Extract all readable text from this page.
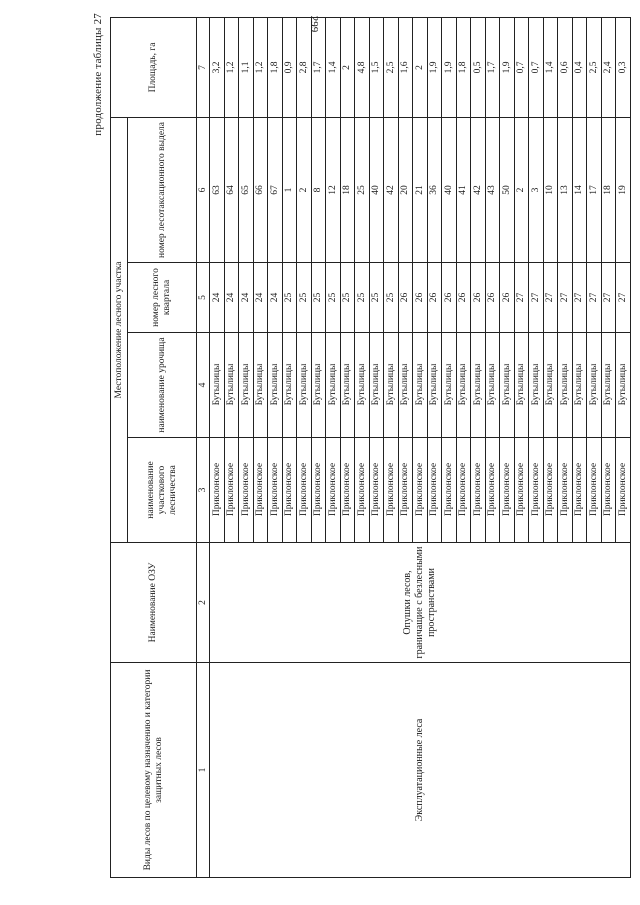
299
продолжение таблицы 27
Виды лесов по целевому назначению и категории защитных лесов	Наименование ОЗУ	Местоположение лесного участка				Площадь, га
		наименование участкового лесничества	наименование урочища	номер лесного квартала	номер лесотаксационного выдела	
1	2	3	4	5	6	7
Эксплуатационные леса	Опушки лесов, граничащие с безлесными пространствами	Приклонское	Бутылицы	24	63	3,2
		Приклонское	Бутылицы	24	64	1,2
		Приклонское	Бутылицы	24	65	1,1
		Приклонское	Бутылицы	24	66	1,2
		Приклонское	Бутылицы	24	67	1,8
		Приклонское	Бутылицы	25	1	0,9
		Приклонское	Бутылицы	25	2	2,8
		Приклонское	Бутылицы	25	8	1,7
		Приклонское	Бутылицы	25	12	1,4
		Приклонское	Бутылицы	25	18	2
		Приклонское	Бутылицы	25	25	4,8
		Приклонское	Бутылицы	25	40	1,5
		Приклонское	Бутылицы	25	42	2,5
		Приклонское	Бутылицы	26	20	1,6
		Приклонское	Бутылицы	26	21	2
		Приклонское	Бутылицы	26	36	1,9
		Приклонское	Бутылицы	26	40	1,9
		Приклонское	Бутылицы	26	41	1,8
		Приклонское	Бутылицы	26	42	0,5
		Приклонское	Бутылицы	26	43	1,7
		Приклонское	Бутылицы	26	50	1,9
		Приклонское	Бутылицы	27	2	0,7
		Приклонское	Бутылицы	27	3	0,7
		Приклонское	Бутылицы	27	10	1,4
		Приклонское	Бутылицы	27	13	0,6
		Приклонское	Бутылицы	27	14	0,4
		Приклонское	Бутылицы	27	17	2,5
		Приклонское	Бутылицы	27	18	2,4
		Приклонское	Бутылицы	27	19	0,3
